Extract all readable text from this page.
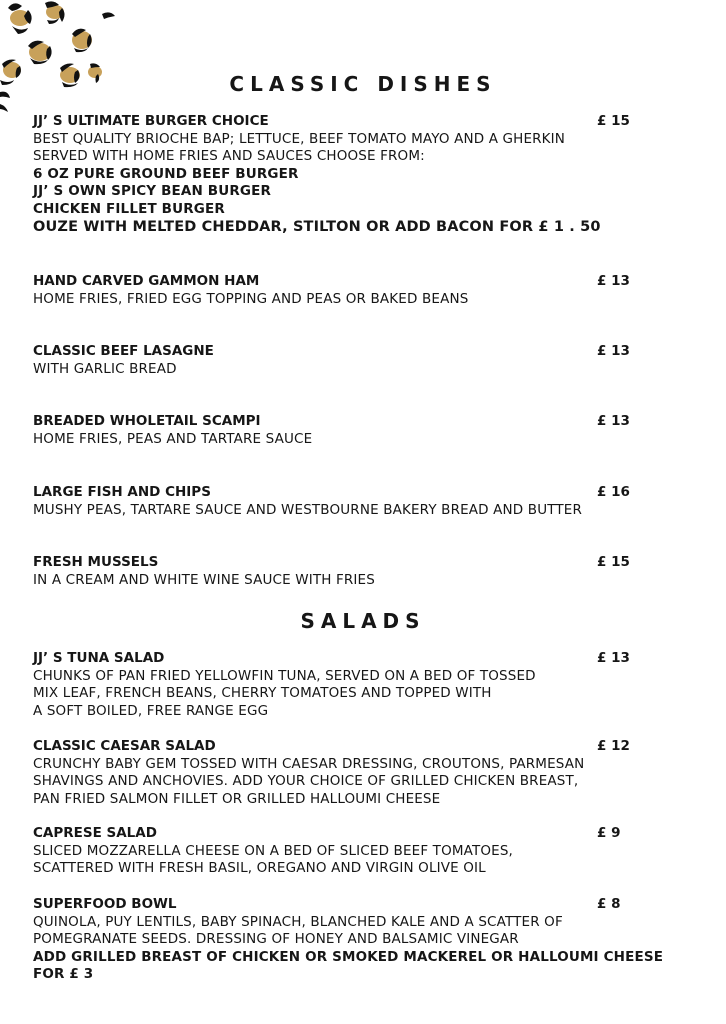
CLASSIC DISHES
JJ’ S ULTIMATE BURGER CHOICE	£ 15
BEST QUALITY BRIOCHE BAP; LETTUCE, BEEF TOMATO MAYO AND A GHERKIN
SERVED WITH HOME FRIES AND SAUCES CHOOSE FROM:
6 OZ PURE GROUND BEEF BURGER
JJ’ S OWN SPICY BEAN BURGER
CHICKEN FILLET BURGER
OUZE WITH MELTED CHEDDAR, STILTON OR ADD BACON FOR £ 1 . 50
HAND CARVED GAMMON HAM	£ 13
HOME FRIES, FRIED EGG TOPPING AND PEAS OR BAKED BEANS
CLASSIC BEEF LASAGNE	£ 13
WITH GARLIC BREAD
BREADED WHOLETAIL SCAMPI	£ 13
HOME FRIES, PEAS AND TARTARE SAUCE
LARGE FISH AND CHIPS	£ 16
MUSHY PEAS, TARTARE SAUCE AND WESTBOURNE BAKERY BREAD AND BUTTER
FRESH MUSSELS	£ 15
IN A CREAM AND WHITE WINE SAUCE WITH FRIES
SALADS
JJ’ S TUNA SALAD	£ 13
CHUNKS OF PAN FRIED YELLOWFIN TUNA, SERVED ON A BED OF TOSSED
MIX LEAF, FRENCH BEANS, CHERRY TOMATOES AND TOPPED WITH
A SOFT BOILED, FREE RANGE EGG
CLASSIC CAESAR SALAD	£ 12
CRUNCHY BABY GEM TOSSED WITH CAESAR DRESSING, CROUTONS, PARMESAN
SHAVINGS AND ANCHOVIES. ADD YOUR CHOICE OF GRILLED CHICKEN BREAST,
PAN FRIED SALMON FILLET OR GRILLED HALLOUMI CHEESE
CAPRESE SALAD	£ 9
SLICED MOZZARELLA CHEESE ON A BED OF SLICED BEEF TOMATOES,
SCATTERED WITH FRESH BASIL, OREGANO AND VIRGIN OLIVE OIL
SUPERFOOD BOWL	£ 8
QUINOLA, PUY LENTILS, BABY SPINACH, BLANCHED KALE AND A SCATTER OF
POMEGRANATE SEEDS. DRESSING OF HONEY AND BALSAMIC VINEGAR
ADD GRILLED BREAST OF CHICKEN OR SMOKED MACKEREL OR HALLOUMI CHEESE
FOR £ 3
